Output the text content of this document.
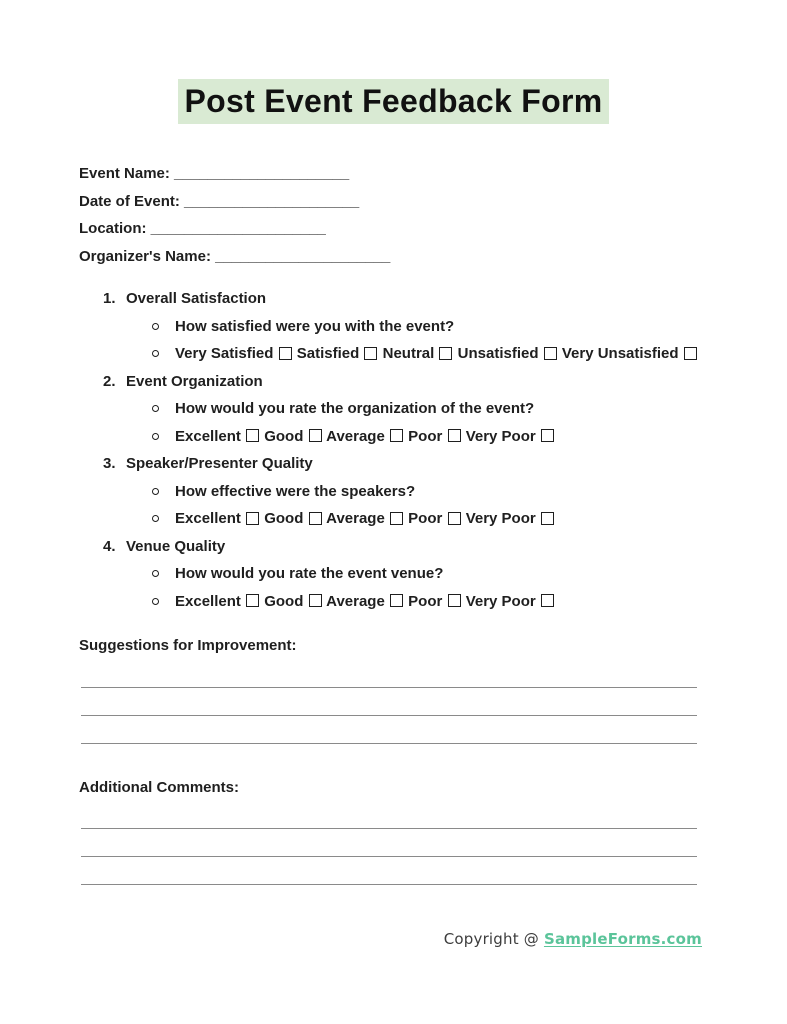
Post Event Feedback Form
Event Name: _____________________
Date of Event: _____________________
Location: _____________________
Organizer's Name: _____________________
1. Overall Satisfaction
How satisfied were you with the event?
Very Satisfied Satisfied Neutral Unsatisfied Very Unsatisfied
2. Event Organization
How would you rate the organization of the event?
Excellent Good Average Poor Very Poor
3. Speaker/Presenter Quality
How effective were the speakers?
Excellent Good Average Poor Very Poor
4. Venue Quality
How would you rate the event venue?
Excellent Good Average Poor Very Poor
Suggestions for Improvement:
Additional Comments:
Copyright @ SampleForms.com
